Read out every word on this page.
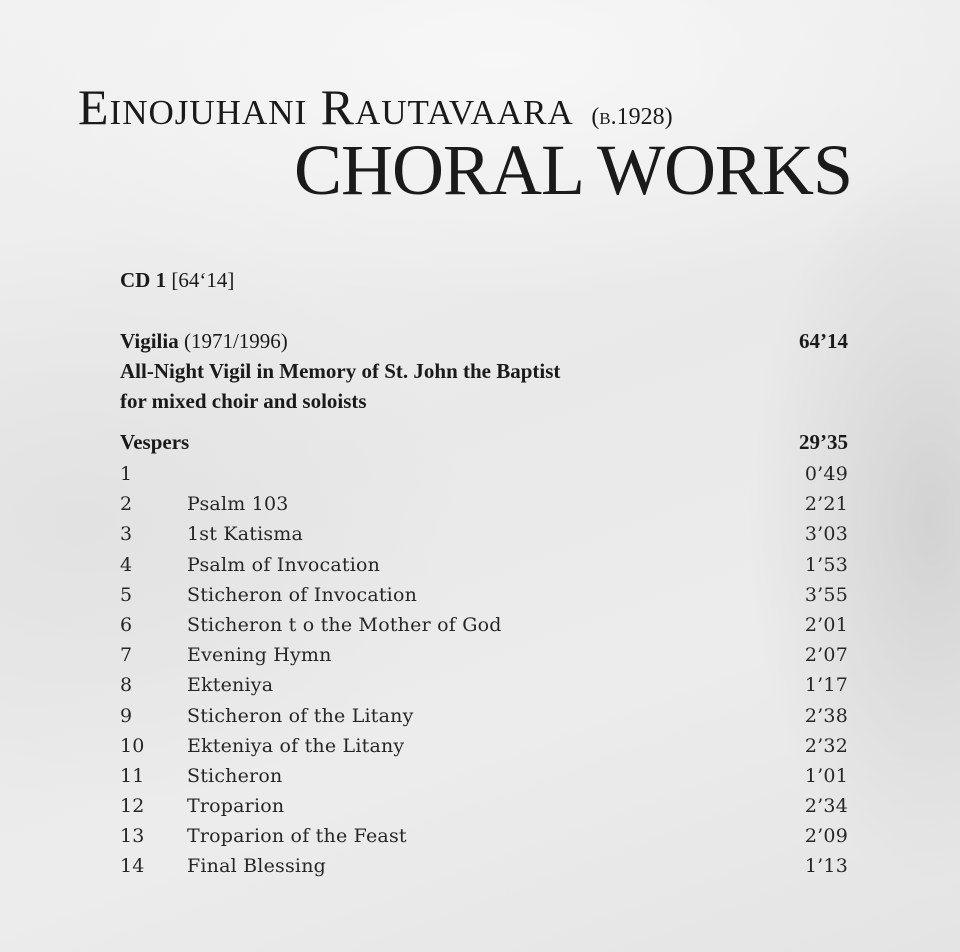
Einojuhani Rautavaara (b.1928)
CHORAL WORKS
CD 1 [64‘14]
Vigilia (1971/1996)	64’14
All-Night Vigil in Memory of St. John the Baptist
for mixed choir and soloists
Vespers	29’35
1	0’49
2	Psalm 103	2’21
3	1st Katisma	3’03
4	Psalm of Invocation	1’53
5	Sticheron of Invocation	3’55
6	Sticheron t o the Mother of God	2’01
7	Evening Hymn	2’07
8	Ekteniya	1’17
9	Sticheron of the Litany	2’38
10	Ekteniya of the Litany	2’32
11	Sticheron	1’01
12	Troparion	2’34
13	Troparion of the Feast	2’09
14	Final Blessing	1’13
